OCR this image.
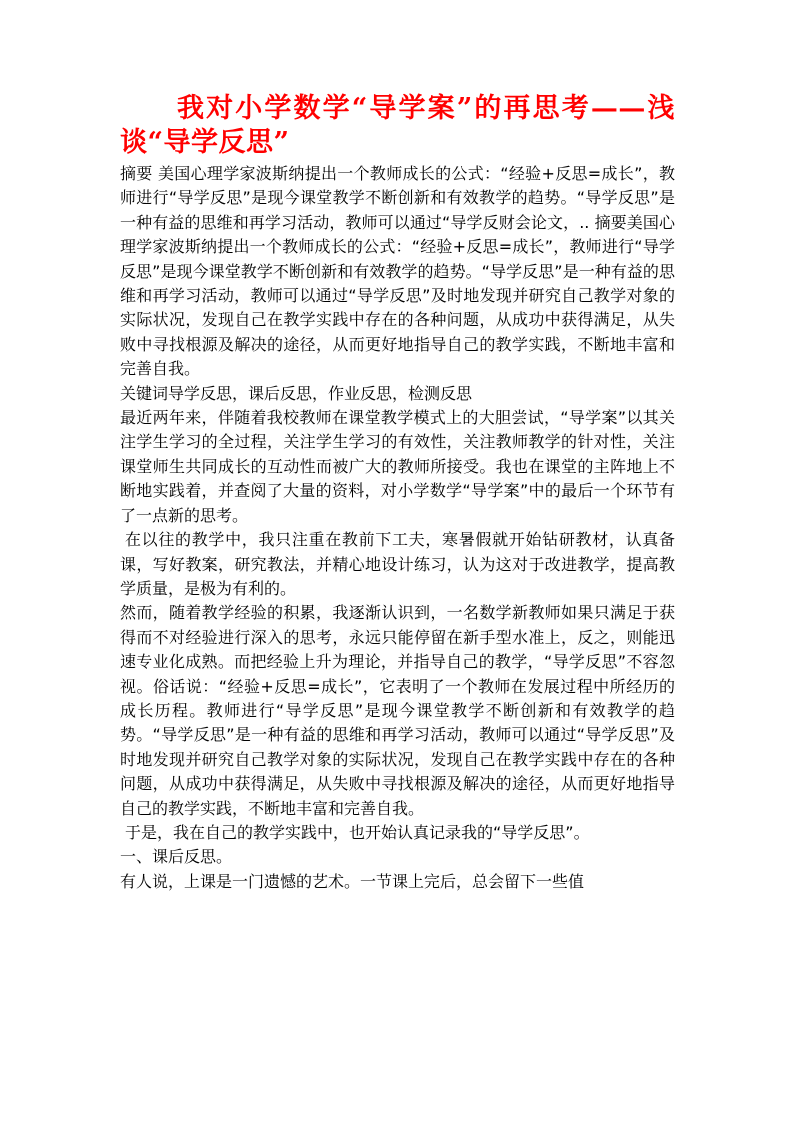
我对小学数学“导学案”的再思考——浅谈“导学反思”

摘要 美国心理学家波斯纳提出一个教师成长的公式：“经验+反思=成长”，教师进行“导学反思”是现今课堂教学不断创新和有效教学的趋势。“导学反思”是一种有益的思维和再学习活动，教师可以通过“导学反财会论文，.. 摘要美国心理学家波斯纳提出一个教师成长的公式：“经验+反思=成长”，教师进行“导学反思”是现今课堂教学不断创新和有效教学的趋势。“导学反思”是一种有益的思维和再学习活动，教师可以通过“导学反思”及时地发现并研究自己教学对象的实际状况，发现自己在教学实践中存在的各种问题，从成功中获得满足，从失败中寻找根源及解决的途径，从而更好地指导自己的教学实践，不断地丰富和完善自我。

关键词导学反思，课后反思，作业反思，检测反思

最近两年来，伴随着我校教师在课堂教学模式上的大胆尝试，“导学案”以其关注学生学习的全过程，关注学生学习的有效性，关注教师教学的针对性，关注课堂师生共同成长的互动性而被广大的教师所接受。我也在课堂的主阵地上不断地实践着，并查阅了大量的资料，对小学数学“导学案”中的最后一个环节有了一点新的思考。

在以往的教学中，我只注重在教前下工夫，寒暑假就开始钻研教材，认真备课，写好教案，研究教法，并精心地设计练习，认为这对于改进教学，提高教学质量，是极为有利的。

然而，随着教学经验的积累，我逐渐认识到，一名数学新教师如果只满足于获得而不对经验进行深入的思考，永远只能停留在新手型水准上，反之，则能迅速专业化成熟。而把经验上升为理论，并指导自己的教学，“导学反思”不容忽视。俗话说：“经验+反思=成长”，它表明了一个教师在发展过程中所经历的成长历程。教师进行“导学反思”是现今课堂教学不断创新和有效教学的趋势。“导学反思”是一种有益的思维和再学习活动，教师可以通过“导学反思”及时地发现并研究自己教学对象的实际状况，发现自己在教学实践中存在的各种问题，从成功中获得满足，从失败中寻找根源及解决的途径，从而更好地指导自己的教学实践，不断地丰富和完善自我。

于是，我在自己的教学实践中，也开始认真记录我的“导学反思”。

一、课后反思。

有人说，上课是一门遗憾的艺术。一节课上完后，总会留下一些值
